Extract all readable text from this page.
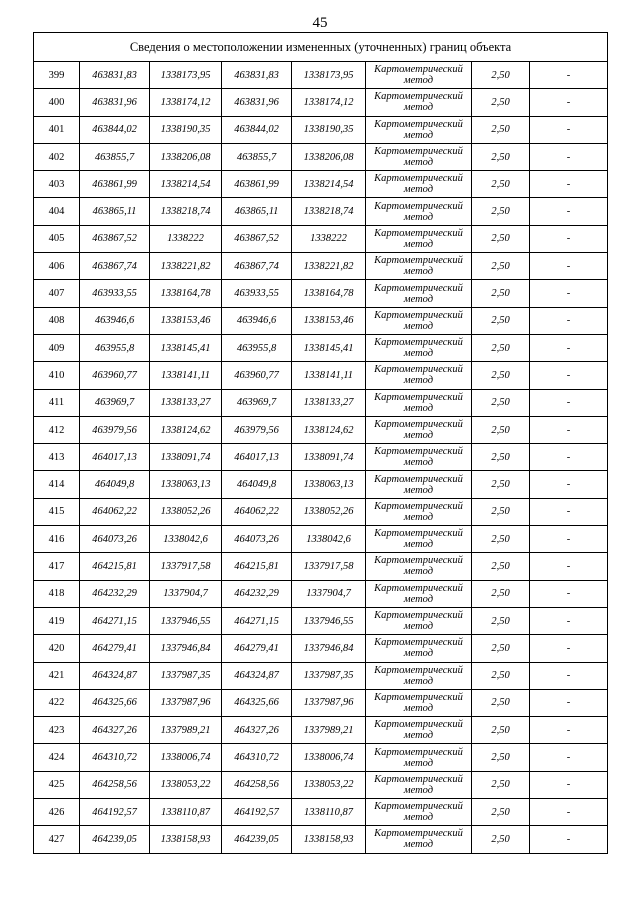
45
Сведения о местоположении измененных (уточненных) границ объекта							
399	463831,83	1338173,95	463831,83	1338173,95	Картометрический
метод	2,50	-
400	463831,96	1338174,12	463831,96	1338174,12	Картометрический
метод	2,50	-
401	463844,02	1338190,35	463844,02	1338190,35	Картометрический
метод	2,50	-
402	463855,7	1338206,08	463855,7	1338206,08	Картометрический
метод	2,50	-
403	463861,99	1338214,54	463861,99	1338214,54	Картометрический
метод	2,50	-
404	463865,11	1338218,74	463865,11	1338218,74	Картометрический
метод	2,50	-
405	463867,52	1338222	463867,52	1338222	Картометрический
метод	2,50	-
406	463867,74	1338221,82	463867,74	1338221,82	Картометрический
метод	2,50	-
407	463933,55	1338164,78	463933,55	1338164,78	Картометрический
метод	2,50	-
408	463946,6	1338153,46	463946,6	1338153,46	Картометрический
метод	2,50	-
409	463955,8	1338145,41	463955,8	1338145,41	Картометрический
метод	2,50	-
410	463960,77	1338141,11	463960,77	1338141,11	Картометрический
метод	2,50	-
411	463969,7	1338133,27	463969,7	1338133,27	Картометрический
метод	2,50	-
412	463979,56	1338124,62	463979,56	1338124,62	Картометрический
метод	2,50	-
413	464017,13	1338091,74	464017,13	1338091,74	Картометрический
метод	2,50	-
414	464049,8	1338063,13	464049,8	1338063,13	Картометрический
метод	2,50	-
415	464062,22	1338052,26	464062,22	1338052,26	Картометрический
метод	2,50	-
416	464073,26	1338042,6	464073,26	1338042,6	Картометрический
метод	2,50	-
417	464215,81	1337917,58	464215,81	1337917,58	Картометрический
метод	2,50	-
418	464232,29	1337904,7	464232,29	1337904,7	Картометрический
метод	2,50	-
419	464271,15	1337946,55	464271,15	1337946,55	Картометрический
метод	2,50	-
420	464279,41	1337946,84	464279,41	1337946,84	Картометрический
метод	2,50	-
421	464324,87	1337987,35	464324,87	1337987,35	Картометрический
метод	2,50	-
422	464325,66	1337987,96	464325,66	1337987,96	Картометрический
метод	2,50	-
423	464327,26	1337989,21	464327,26	1337989,21	Картометрический
метод	2,50	-
424	464310,72	1338006,74	464310,72	1338006,74	Картометрический
метод	2,50	-
425	464258,56	1338053,22	464258,56	1338053,22	Картометрический
метод	2,50	-
426	464192,57	1338110,87	464192,57	1338110,87	Картометрический
метод	2,50	-
427	464239,05	1338158,93	464239,05	1338158,93	Картометрический
метод	2,50	-
